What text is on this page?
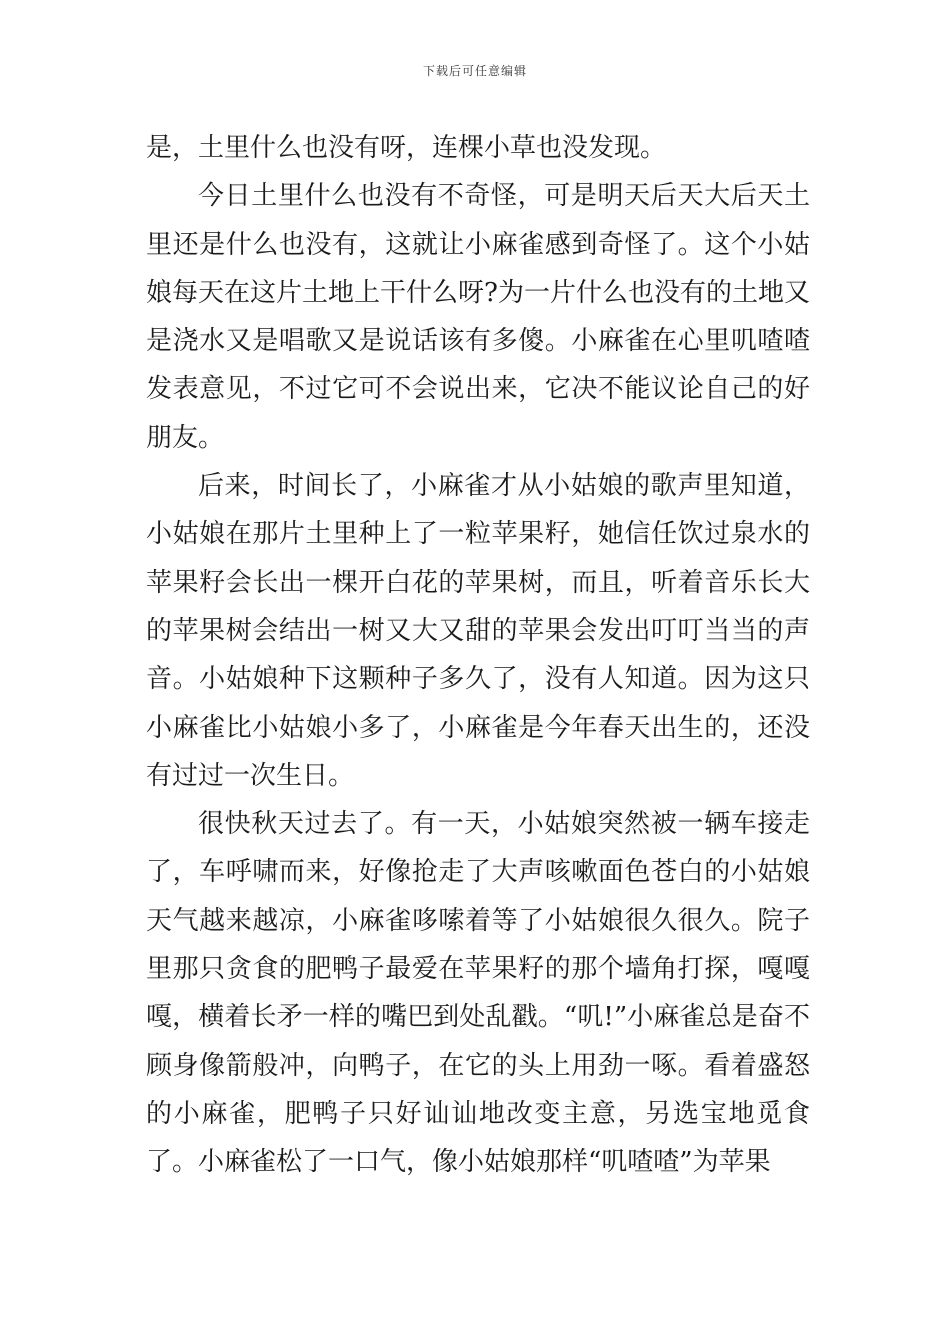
下载后可任意编辑

是，土里什么也没有呀，连棵小草也没发现。

今日土里什么也没有不奇怪，可是明天后天大后天土里还是什么也没有，这就让小麻雀感到奇怪了。这个小姑娘每天在这片土地上干什么呀?为一片什么也没有的土地又是浇水又是唱歌又是说话该有多傻。小麻雀在心里叽喳喳发表意见，不过它可不会说出来，它决不能议论自己的好朋友。

后来，时间长了，小麻雀才从小姑娘的歌声里知道，小姑娘在那片土里种上了一粒苹果籽，她信任饮过泉水的苹果籽会长出一棵开白花的苹果树，而且，听着音乐长大的苹果树会结出一树又大又甜的苹果会发出叮叮当当的声音。小姑娘种下这颗种子多久了，没有人知道。因为这只小麻雀比小姑娘小多了，小麻雀是今年春天出生的，还没有过过一次生日。

很快秋天过去了。有一天，小姑娘突然被一辆车接走了，车呼啸而来，好像抢走了大声咳嗽面色苍白的小姑娘天气越来越凉，小麻雀哆嗦着等了小姑娘很久很久。院子里那只贪食的肥鸭子最爱在苹果籽的那个墙角打探，嘎嘎嘎，横着长矛一样的嘴巴到处乱戳。“叽!”小麻雀总是奋不顾身像箭般冲，向鸭子，在它的头上用劲一啄。看着盛怒的小麻雀，肥鸭子只好讪讪地改变主意，另选宝地觅食了。小麻雀松了一口气，像小姑娘那样“叽喳喳”为苹果
